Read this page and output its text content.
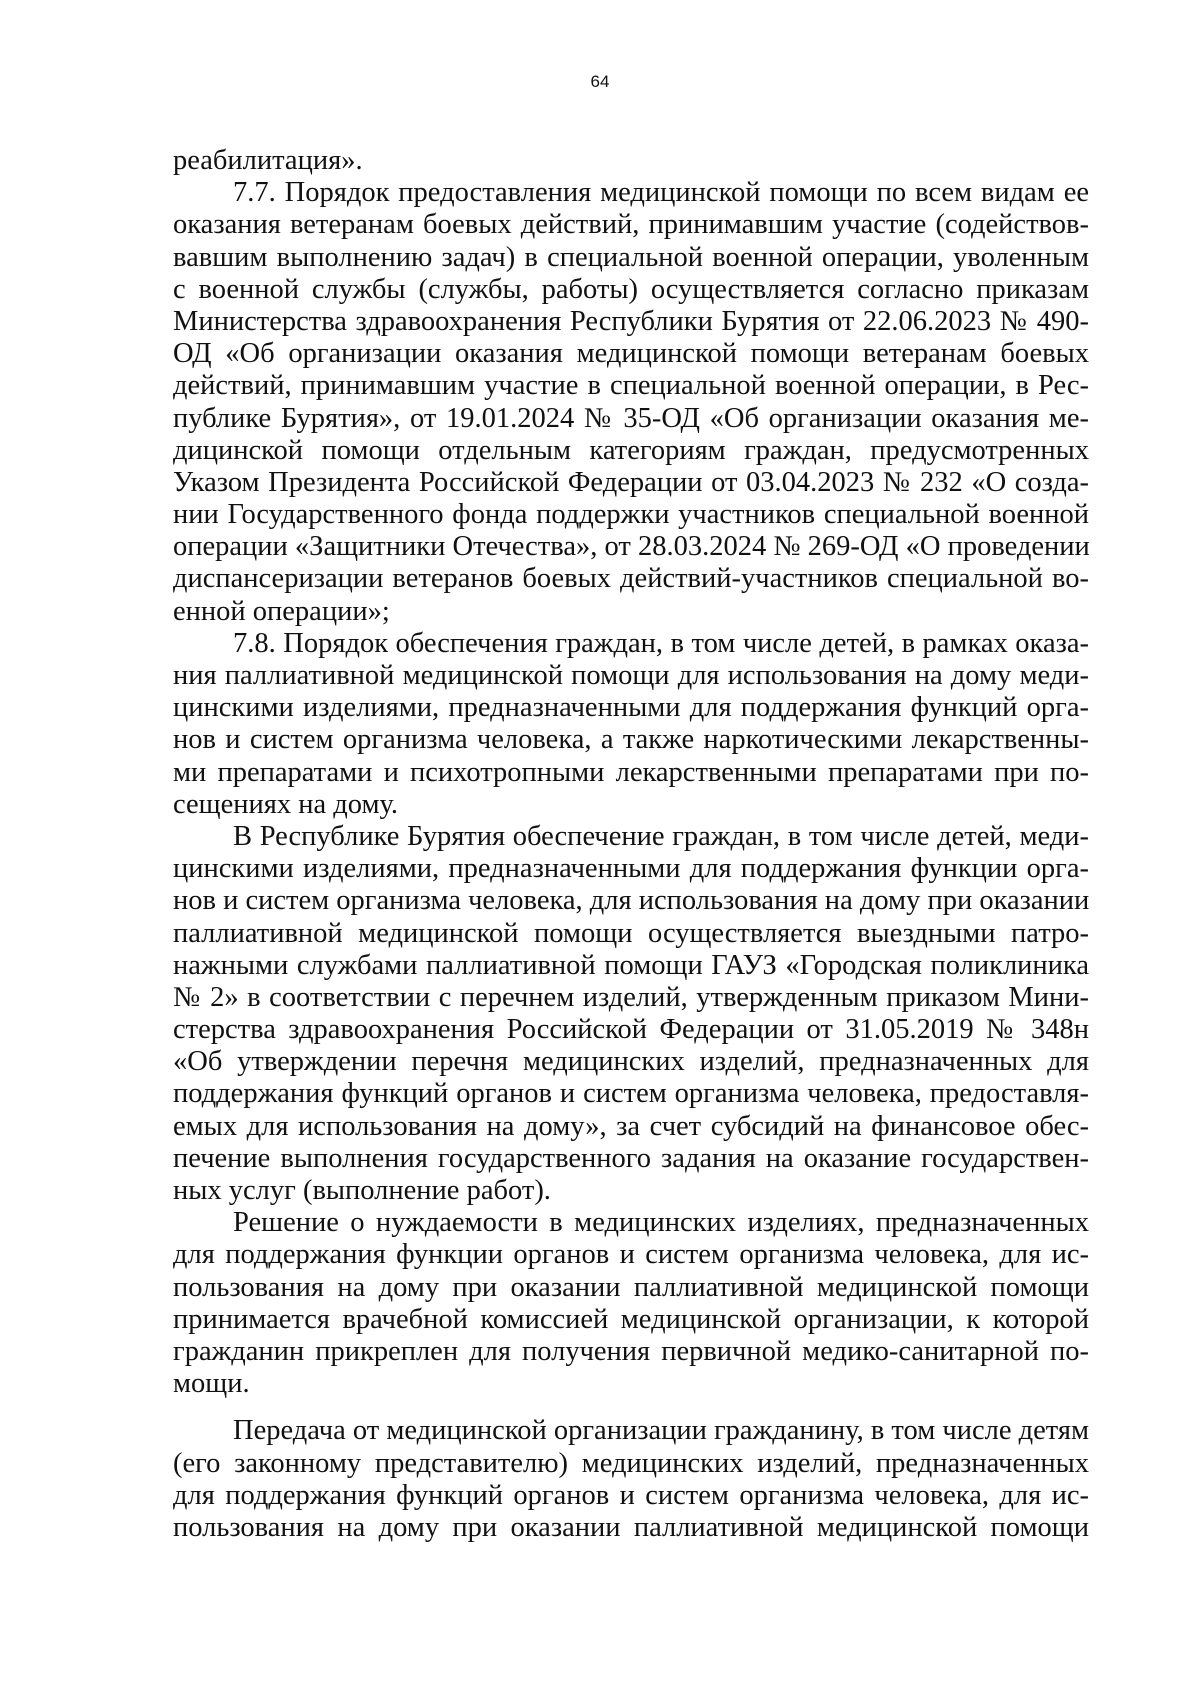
64
реабилитация».
7.7. Порядок предоставления медицинской помощи по всем видам ее
оказания ветеранам боевых действий, принимавшим участие (содействов-
вавшим выполнению задач) в специальной военной операции, уволенным
с военной службы (службы, работы) осуществляется согласно приказам
Министерства здравоохранения Республики Бурятия от 22.06.2023 № 490-
ОД «Об организации оказания медицинской помощи ветеранам боевых
действий, принимавшим участие в специальной военной операции, в Рес-
публике Бурятия», от 19.01.2024 № 35-ОД «Об организации оказания ме-
дицинской помощи отдельным категориям граждан, предусмотренных
Указом Президента Российской Федерации от 03.04.2023 № 232 «О созда-
нии Государственного фонда поддержки участников специальной военной
операции «Защитники Отечества», от 28.03.2024 № 269-ОД «О проведении
диспансеризации ветеранов боевых действий-участников специальной во-
енной операции»;
7.8. Порядок обеспечения граждан, в том числе детей, в рамках оказа-
ния паллиативной медицинской помощи для использования на дому меди-
цинскими изделиями, предназначенными для поддержания функций орга-
нов и систем организма человека, а также наркотическими лекарственны-
ми препаратами и психотропными лекарственными препаратами при по-
сещениях на дому.
В Республике Бурятия обеспечение граждан, в том числе детей, меди-
цинскими изделиями, предназначенными для поддержания функции орга-
нов и систем организма человека, для использования на дому при оказании
паллиативной медицинской помощи осуществляется выездными патро-
нажными службами паллиативной помощи ГАУЗ «Городская поликлиника
№ 2» в соответствии с перечнем изделий, утвержденным приказом Мини-
стерства здравоохранения Российской Федерации от 31.05.2019 № 348н
«Об утверждении перечня медицинских изделий, предназначенных для
поддержания функций органов и систем организма человека, предоставля-
емых для использования на дому», за счет субсидий на финансовое обес-
печение выполнения государственного задания на оказание государствен-
ных услуг (выполнение работ).
Решение о нуждаемости в медицинских изделиях, предназначенных
для поддержания функции органов и систем организма человека, для ис-
пользования на дому при оказании паллиативной медицинской помощи
принимается врачебной комиссией медицинской организации, к которой
гражданин прикреплен для получения первичной медико-санитарной по-
мощи.
Передача от медицинской организации гражданину, в том числе детям
(его законному представителю) медицинских изделий, предназначенных
для поддержания функций органов и систем организма человека, для ис-
пользования на дому при оказании паллиативной медицинской помощи
